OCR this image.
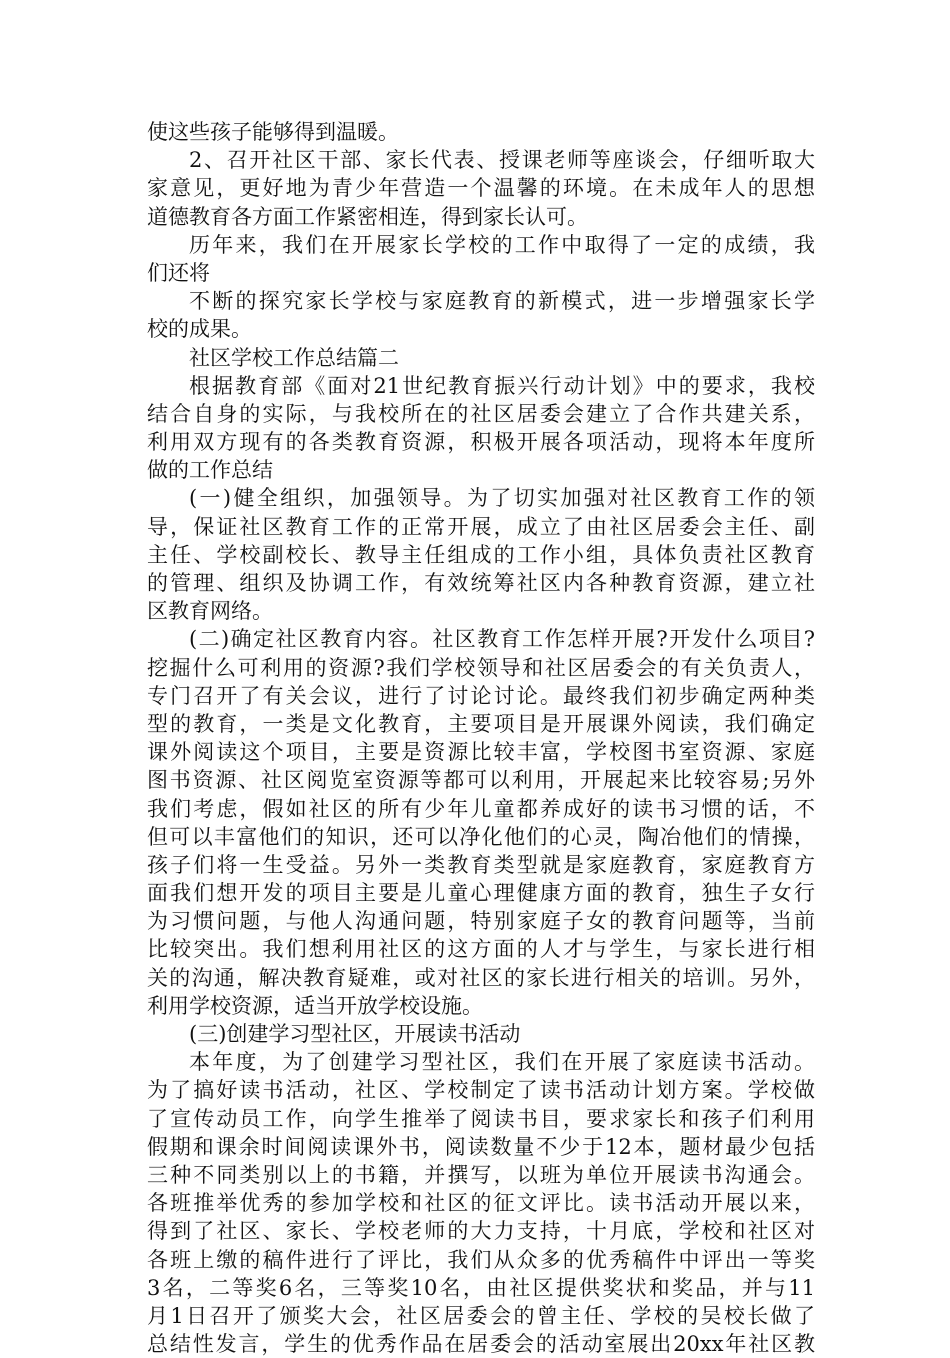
使这些孩子能够得到温暖。
2、召开社区干部、家长代表、授课老师等座谈会，仔细听取大
家意见，更好地为青少年营造一个温馨的环境。在未成年人的思想
道德教育各方面工作紧密相连，得到家长认可。
历年来，我们在开展家长学校的工作中取得了一定的成绩，我
们还将
不断的探究家长学校与家庭教育的新模式，进一步增强家长学
校的成果。
社区学校工作总结篇二
根据教育部《面对21世纪教育振兴行动计划》中的要求，我校
结合自身的实际，与我校所在的社区居委会建立了合作共建关系，
利用双方现有的各类教育资源，积极开展各项活动，现将本年度所
做的工作总结
(一)健全组织，加强领导。为了切实加强对社区教育工作的领
导，保证社区教育工作的正常开展，成立了由社区居委会主任、副
主任、学校副校长、教导主任组成的工作小组，具体负责社区教育
的管理、组织及协调工作，有效统筹社区内各种教育资源，建立社
区教育网络。
(二)确定社区教育内容。社区教育工作怎样开展?开发什么项目?
挖掘什么可利用的资源?我们学校领导和社区居委会的有关负责人，
专门召开了有关会议，进行了讨论讨论。最终我们初步确定两种类
型的教育，一类是文化教育，主要项目是开展课外阅读，我们确定
课外阅读这个项目，主要是资源比较丰富，学校图书室资源、家庭
图书资源、社区阅览室资源等都可以利用，开展起来比较容易;另外
我们考虑，假如社区的所有少年儿童都养成好的读书习惯的话，不
但可以丰富他们的知识，还可以净化他们的心灵，陶冶他们的情操，
孩子们将一生受益。另外一类教育类型就是家庭教育，家庭教育方
面我们想开发的项目主要是儿童心理健康方面的教育，独生子女行
为习惯问题，与他人沟通问题，特别家庭子女的教育问题等，当前
比较突出。我们想利用社区的这方面的人才与学生，与家长进行相
关的沟通，解决教育疑难，或对社区的家长进行相关的培训。另外，
利用学校资源，适当开放学校设施。
(三)创建学习型社区，开展读书活动
本年度，为了创建学习型社区，我们在开展了家庭读书活动。
为了搞好读书活动，社区、学校制定了读书活动计划方案。学校做
了宣传动员工作，向学生推举了阅读书目，要求家长和孩子们利用
假期和课余时间阅读课外书，阅读数量不少于12本，题材最少包括
三种不同类别以上的书籍，并撰写，以班为单位开展读书沟通会。
各班推举优秀的参加学校和社区的征文评比。读书活动开展以来，
得到了社区、家长、学校老师的大力支持，十月底，学校和社区对
各班上缴的稿件进行了评比，我们从众多的优秀稿件中评出一等奖
3名，二等奖6名，三等奖10名，由社区提供奖状和奖品，并与11
月1日召开了颁奖大会，社区居委会的曾主任、学校的吴校长做了
总结性发言，学生的优秀作品在居委会的活动室展出20xx年社区教
